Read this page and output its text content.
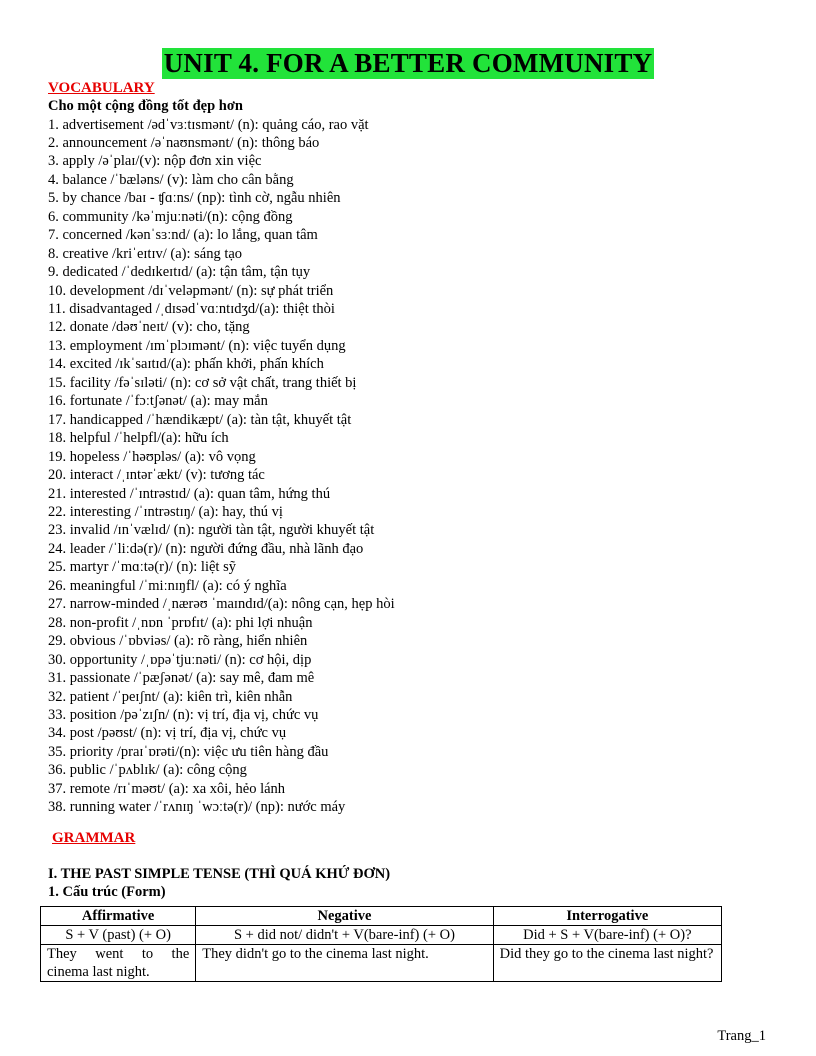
UNIT 4. FOR A BETTER COMMUNITY
VOCABULARY
Cho một cộng đồng tốt đẹp hơn
1. advertisement /ədˈvɜːtɪsmənt/ (n): quảng cáo, rao vặt
2. announcement /əˈnaʊnsmənt/ (n): thông báo
3. apply /əˈplaɪ/(v): nộp đơn xin việc
4. balance /ˈbæləns/ (v): làm cho cân bằng
5. by chance /baɪ - ʧɑːns/ (np): tình cờ, ngẫu nhiên
6. community /kəˈmjuːnəti/(n): cộng đồng
7. concerned /kənˈsɜːnd/ (a): lo lắng, quan tâm
8. creative /kriˈeɪtɪv/ (a): sáng tạo
9. dedicated /ˈdedɪkeɪtɪd/ (a): tận tâm, tận tụy
10. development /dɪˈveləpmənt/ (n): sự phát triển
11. disadvantaged /ˌdɪsədˈvɑːntɪdʒd/(a): thiệt thòi
12. donate /dəʊˈneɪt/ (v): cho, tặng
13. employment /ɪmˈplɔɪmənt/ (n): việc tuyển dụng
14. excited /ɪkˈsaɪtɪd/(a): phấn khởi, phấn khích
15. facility /fəˈsɪləti/ (n): cơ sở vật chất, trang thiết bị
16. fortunate /ˈfɔːtʃənət/ (a): may mắn
17. handicapped /ˈhændikæpt/ (a): tàn tật, khuyết tật
18. helpful /ˈhelpfl/(a): hữu ích
19. hopeless /ˈhəʊpləs/ (a): vô vọng
20. interact /ˌɪntərˈækt/ (v): tương tác
21. interested /ˈɪntrəstɪd/ (a): quan tâm, hứng thú
22. interesting /ˈɪntrəstɪŋ/ (a): hay, thú vị
23. invalid /ɪnˈvælɪd/ (n): người tàn tật, người khuyết tật
24. leader /ˈliːdə(r)/ (n): người đứng đầu, nhà lãnh đạo
25. martyr /ˈmɑːtə(r)/ (n): liệt sỹ
26. meaningful /ˈmiːnɪŋfl/ (a): có ý nghĩa
27. narrow-minded /ˌnærəʊ ˈmaɪndɪd/(a): nông cạn, hẹp hòi
28. non-profit /ˌnɒn ˈprɒfɪt/ (a): phi lợi nhuận
29. obvious /ˈɒbviəs/ (a): rõ ràng, hiển nhiên
30. opportunity /ˌɒpəˈtjuːnəti/ (n): cơ hội, dịp
31. passionate /ˈpæʃənət/ (a): say mê, đam mê
32. patient /ˈpeɪʃnt/ (a): kiên trì, kiên nhẫn
33. position /pəˈzɪʃn/ (n): vị trí, địa vị, chức vụ
34. post /pəʊst/ (n): vị trí, địa vị, chức vụ
35. priority /praɪˈɒrəti/(n): việc ưu tiên hàng đầu
36. public /ˈpʌblɪk/ (a): công cộng
37. remote /rɪˈməʊt/ (a): xa xôi, hẻo lánh
38. running water /ˈrʌnɪŋ ˈwɔːtə(r)/ (np): nước máy
GRAMMAR
I. THE PAST SIMPLE TENSE (THÌ QUÁ KHỨ ĐƠN)
1. Cấu trúc (Form)
Affirmative	Negative	Interrogative
S + V (past) (+ O)	S + did not/ didn't + V(bare-inf) (+ O)	Did + S + V(bare-inf) (+ O)?
They went to the cinema last night.	They didn't go to the cinema last night.	Did they go to the cinema last night?
Trang_1
